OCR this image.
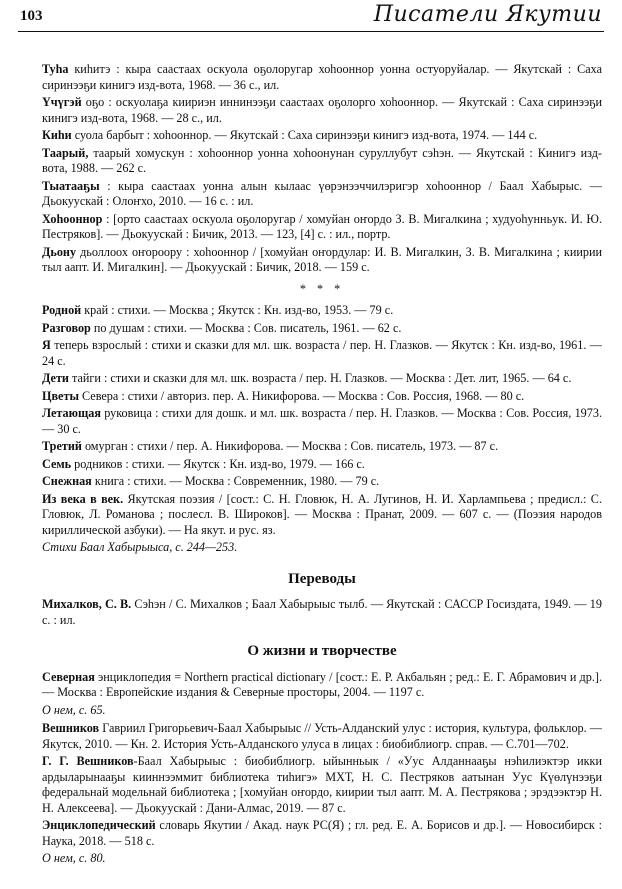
103	Писатели Якутии

Туһа киһитэ : кыра саастаах оскуола оҕолоругар хоһооннор уонна остуоруйалар. — Якутскай : Саха сиринээҕи кинигэ изд-вота, 1968. — 36 с., ил.

Үчүгэй оҕо : оскуолаҕа киириэн иннинээҕи саастаах оҕолорго хоһооннор. — Якутскай : Саха сиринээҕи кинигэ изд-вота, 1968. — 28 с., ил.

Киһи суола барбыт : хоһооннор. — Якутскай : Саха сиринээҕи кинигэ изд-вота, 1974. — 144 с.

Таарый, таарый хомускун : хоһооннор уонна хоһоонунан суруллубут сэһэн. — Якутскай : Кинигэ изд-вота, 1988. — 262 с.

Тыатааҕы : кыра саастаах уонна алын кылаас үөрэнээччилэригэр хоһооннор / Баал Хабырыс. — Дьокуускай : Олоҥхо, 2010. — 16 с. : ил.

Хоһооннор : [орто саастаах оскуола оҕолоругар / хомуйан оҥордо З. В. Мигалкина ; худуоһунньук. И. Ю. Пестряков]. — Дьокуускай : Бичик, 2013. — 123, [4] с. : ил., портр.

Дьону дьоллоох оҥороору : хоһооннор / [хомуйан оҥордулар: И. В. Мигалкин, З. В. Мигалкина ; киирии тыл аапт. И. Мигалкин]. — Дьокуускай : Бичик, 2018. — 159 с.

* * *

Родной край : стихи. — Москва ; Якутск : Кн. изд-во, 1953. — 79 с.

Разговор по душам : стихи. — Москва : Сов. писатель, 1961. — 62 с.

Я теперь взрослый : стихи и сказки для мл. шк. возраста / пер. Н. Глазков. — Якутск : Кн. изд-во, 1961. — 24 с.

Дети тайги : стихи и сказки для мл. шк. возраста / пер. Н. Глазков. — Москва : Дет. лит, 1965. — 64 с.

Цветы Севера : стихи / авториз. пер. А. Никифорова. — Москва : Сов. Россия, 1968. — 80 с.

Летающая руковица : стихи для дошк. и мл. шк. возраста / пер. Н. Глазков. — Москва : Сов. Россия, 1973. — 30 с.

Третий омурган : стихи / пер. А. Никифорова. — Москва : Сов. писатель, 1973. — 87 с.

Семь родников : стихи. — Якутск : Кн. изд-во, 1979. — 166 с.

Снежная книга : стихи. — Москва : Современник, 1980. — 79 с.

Из века в век. Якутская поэзия / [сост.: С. Н. Гловюк, Н. А. Лугинов, Н. И. Харлампьева ; предисл.: С. Гловюк, Л. Романова ; послесл. В. Широков]. — Москва : Пранат, 2009. — 607 с. — (Поэзия народов кириллической азбуки). — На якут. и рус. яз.

Стихи Баал Хабырыыса, с. 244—253.

Переводы

Михалков, С. В. Сэһэн / С. Михалков ; Баал Хабырыыс тылб. — Якутскай : САССР Госиздата, 1949. — 19 с. : ил.

О жизни и творчестве

Северная энциклопедия = Northern practical dictionary / [сост.: Е. Р. Акбальян ; ред.: Е. Г. Абрамович и др.]. — Москва : Европейские издания & Северные просторы, 2004. — 1197 с.

О нем, с. 65.

Вешников Гавриил Григорьевич-Баал Хабырыыс // Усть-Алданский улус : история, культура, фольклор. — Якутск, 2010. — Кн. 2. История Усть-Алданского улуса в лицах : биобиблиогр. справ. — С.701—702.

Г. Г. Вешников-Баал Хабырыыс : биобиблиогр. ыйынньык / «Уус Алданнааҕы нэһилиэктэр икки ардыларынааҕы кииннээммит библиотека тиһигэ» МХТ, Н. С. Пестряков аатынан Уус Күөлүнээҕи федеральнай модельнай библиотека ; [хомуйан оҥордо, киирии тыл аапт. М. А. Пестрякова ; эрэдээктэр Н. Н. Алексеева]. — Дьокуускай : Дани-Алмас, 2019. — 87 с.

Энциклопедический словарь Якутии / Акад. наук РС(Я) ; гл. ред. Е. А. Борисов и др.]. — Новосибирск : Наука, 2018. — 518 с.

О нем, с. 80.
